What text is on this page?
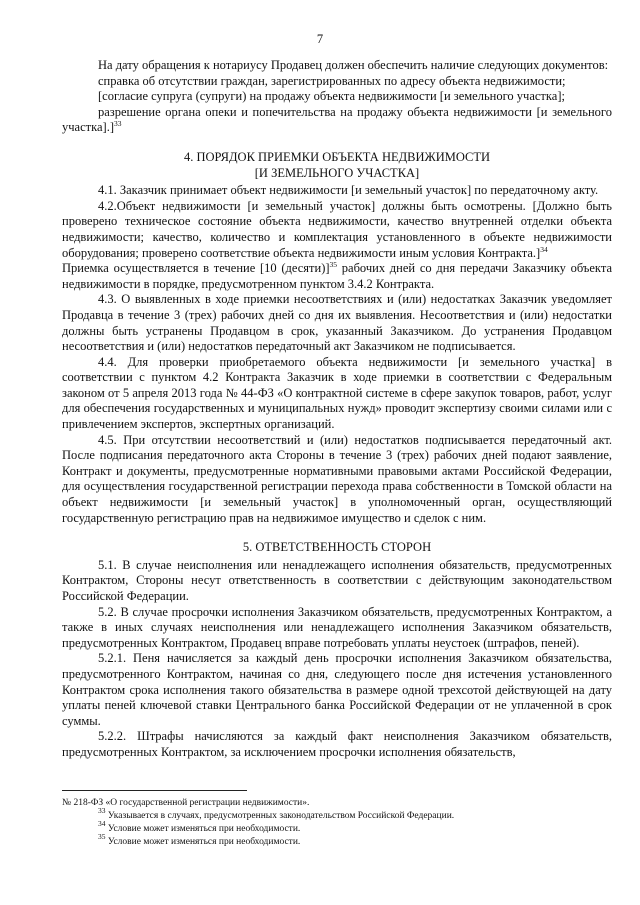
7

На дату обращения к нотариусу Продавец должен обеспечить наличие следующих документов:

справка об отсутствии граждан, зарегистрированных по адресу объекта недвижимости;

[согласие супруга (супруги) на продажу объекта недвижимости [и земельного участка];

разрешение органа опеки и попечительства на продажу объекта недвижимости [и земельного участка].]$^{33}$

4. ПОРЯДОК ПРИЕМКИ ОБЪЕКТА НЕДВИЖИМОСТИ
[И ЗЕМЕЛЬНОГО УЧАСТКА]

4.1. Заказчик принимает объект недвижимости [и земельный участок] по передаточному акту.

4.2.Объект недвижимости [и земельный участок] должны быть осмотрены. [Должно быть проверено техническое состояние объекта недвижимости, качество внутренней отделки объекта недвижимости; качество, количество и комплектация установленного в объекте недвижимости оборудования; проверено соответствие объекта недвижимости иным условия Контракта.]$^{34}$

Приемка осуществляется в течение [10 (десяти)]$^{35}$ рабочих дней со дня передачи Заказчику объекта недвижимости в порядке, предусмотренном пунктом 3.4.2 Контракта.

4.3. О выявленных в ходе приемки несоответствиях и (или) недостатках Заказчик уведомляет Продавца в течение 3 (трех) рабочих дней со дня их выявления. Несоответствия и (или) недостатки должны быть устранены Продавцом в срок, указанный Заказчиком. До устранения Продавцом несоответствия и (или) недостатков передаточный акт Заказчиком не подписывается.

4.4. Для проверки приобретаемого объекта недвижимости [и земельного участка] в соответствии с пунктом 4.2 Контракта Заказчик в ходе приемки в соответствии с Федеральным законом от 5 апреля 2013 года № 44-ФЗ «О контрактной системе в сфере закупок товаров, работ, услуг для обеспечения государственных и муниципальных нужд» проводит экспертизу своими силами или с привлечением экспертов, экспертных организаций.

4.5. При отсутствии несоответствий и (или) недостатков подписывается передаточный акт. После подписания передаточного акта Стороны в течение 3 (трех) рабочих дней подают заявление, Контракт и документы, предусмотренные нормативными правовыми актами Российской Федерации, для осуществления государственной регистрации перехода права собственности в Томской области на объект недвижимости [и земельный участок] в уполномоченный орган, осуществляющий государственную регистрацию прав на недвижимое имущество и сделок с ним.

5. ОТВЕТСТВЕННОСТЬ СТОРОН

5.1. В случае неисполнения или ненадлежащего исполнения обязательств, предусмотренных Контрактом, Стороны несут ответственность в соответствии с действующим законодательством Российской Федерации.

5.2. В случае просрочки исполнения Заказчиком обязательств, предусмотренных Контрактом, а также в иных случаях неисполнения или ненадлежащего исполнения Заказчиком обязательств, предусмотренных Контрактом, Продавец вправе потребовать уплаты неустоек (штрафов, пеней).

5.2.1. Пеня начисляется за каждый день просрочки исполнения Заказчиком обязательства, предусмотренного Контрактом, начиная со дня, следующего после дня истечения установленного Контрактом срока исполнения такого обязательства в размере одной трехсотой действующей на дату уплаты пеней ключевой ставки Центрального банка Российской Федерации от не уплаченной в срок суммы.

5.2.2. Штрафы начисляются за каждый факт неисполнения Заказчиком обязательств, предусмотренных Контрактом, за исключением просрочки исполнения обязательств,

№ 218-ФЗ «О государственной регистрации недвижимости».

$^{33}$ Указывается в случаях, предусмотренных законодательством Российской Федерации.

$^{34}$ Условие может изменяться при необходимости.

$^{35}$ Условие может изменяться при необходимости.
